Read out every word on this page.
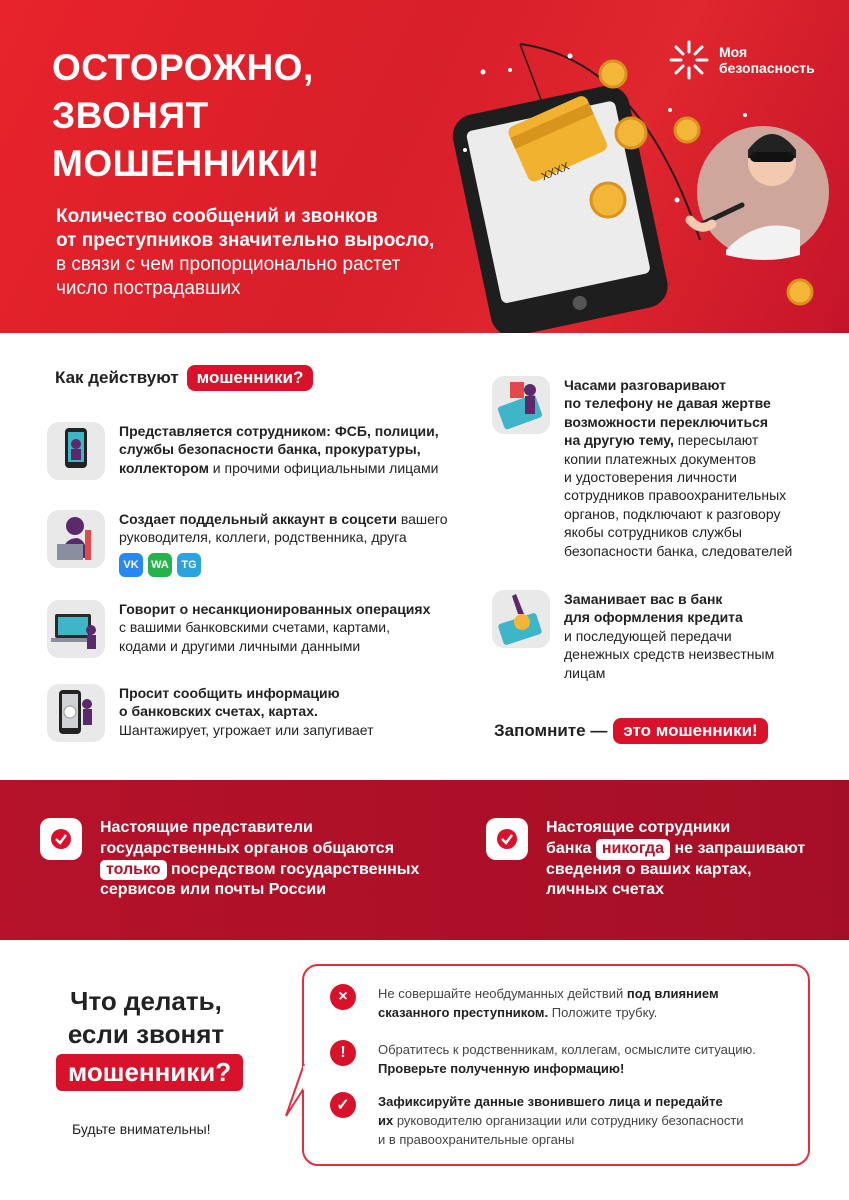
XXXX
ОСТОРОЖНО,
ЗВОНЯТ
МОШЕННИКИ!
Количество сообщений и звонков
от преступников значительно выросло,
в связи с чем пропорционально растет
число пострадавших
Моя
безопасность
Как действуют	мошенники?
Представляется сотрудником: ФСБ, полиции,
службы безопасности банка, прокуратуры,
коллектором и прочими официальными лицами
Создает поддельный аккаунт в соцсети вашего
руководителя, коллеги, родственника, друга
VK	WA	TG
Говорит о несанкционированных операциях
с вашими банковскими счетами, картами,
кодами и другими личными данными
Просит сообщить информацию
о банковских счетах, картах.
Шантажирует, угрожает или запугивает
Часами разговаривают
по телефону не давая жертве
возможности переключиться
на другую тему, пересылают
копии платежных документов
и удостоверения личности
сотрудников правоохранительных
органов, подключают к разговору
якобы сотрудников службы
безопасности банка, следователей
Заманивает вас в банк
для оформления кредита
и последующей передачи
денежных средств неизвестным
лицам
Запомните — это мошенники!
Настоящие представители
государственных органов общаются
только посредством государственных
сервисов или почты России
Настоящие сотрудники
банка никогда не запрашивают
сведения о ваших картах,
личных счетах
Что делать,
если звонят
мошенники?
Будьте внимательны!
×	Не совершайте необдуманных действий под влиянием
сказанного преступником. Положите трубку.
!	Обратитесь к родственникам, коллегам, осмыслите ситуацию.
Проверьте полученную информацию!
✓	Зафиксируйте данные звонившего лица и передайте
их руководителю организации или сотруднику безопасности
и в правоохранительные органы
